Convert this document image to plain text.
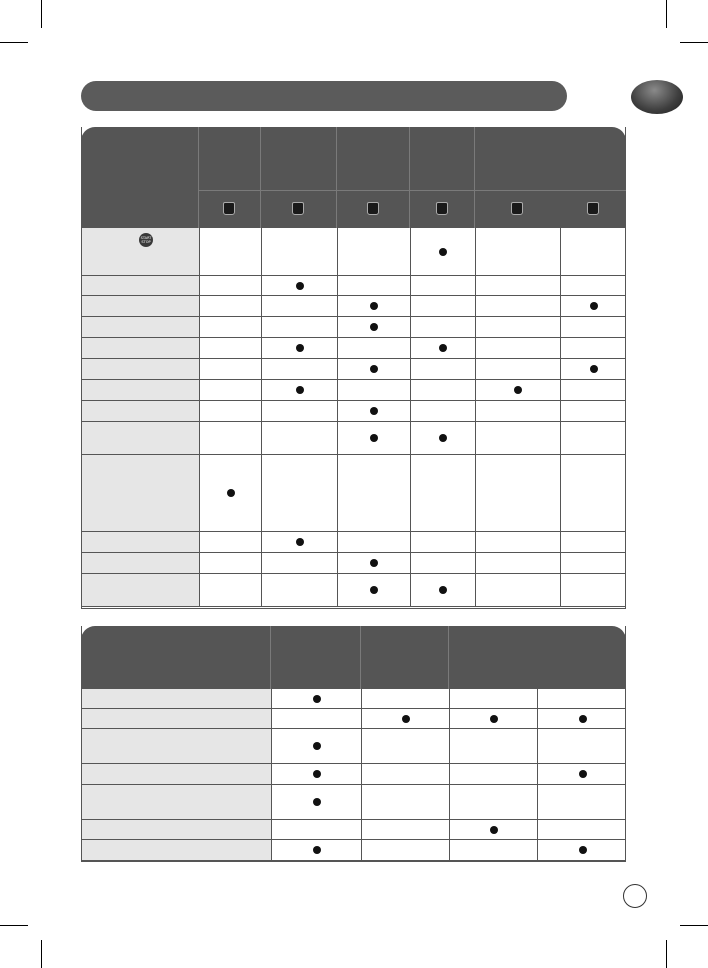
START
STOP
